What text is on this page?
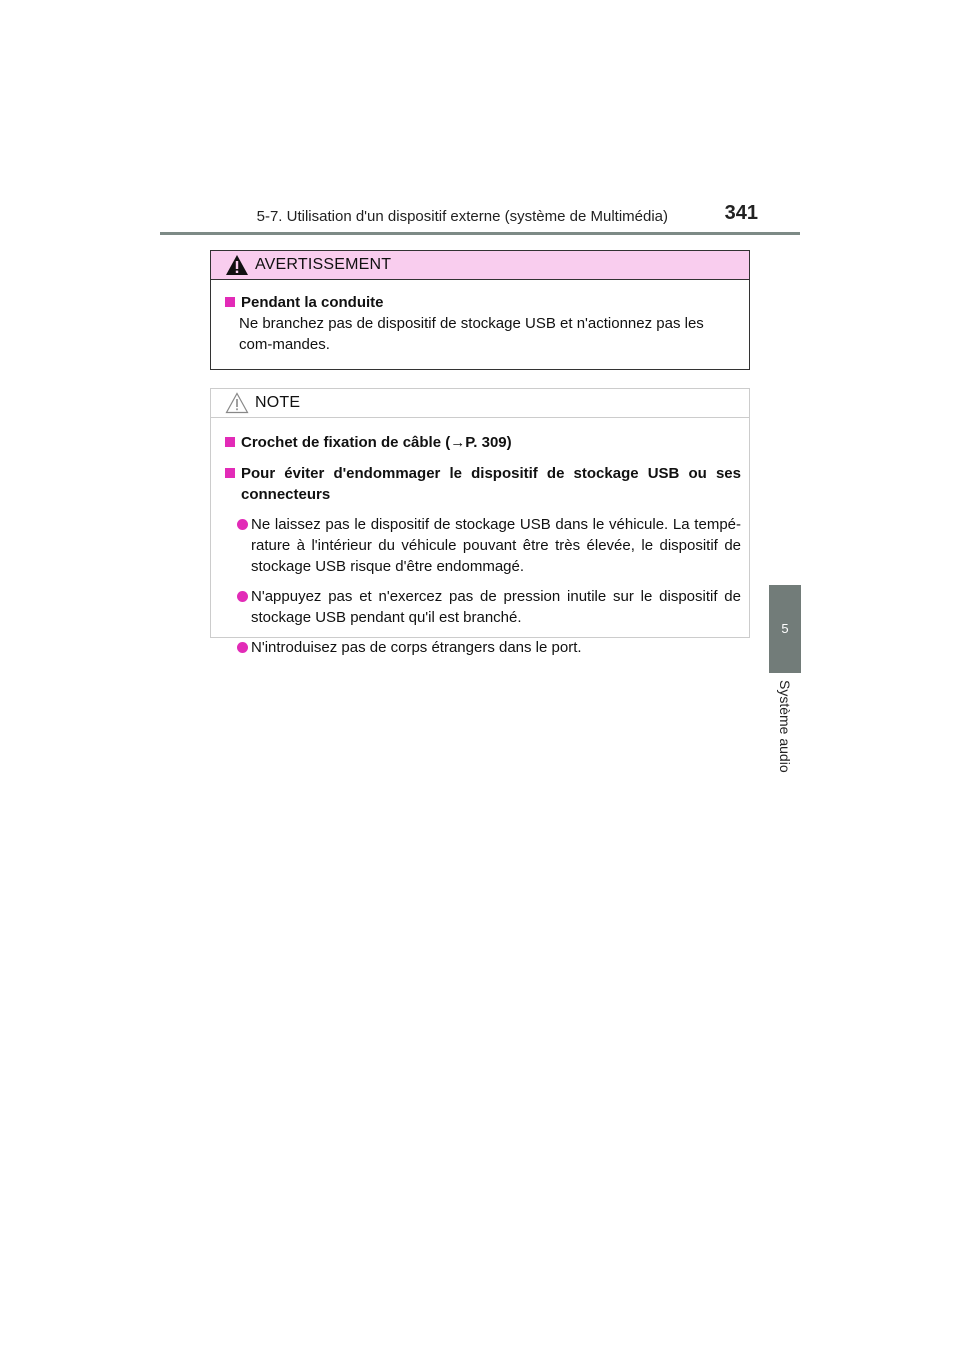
5-7. Utilisation d'un dispositif externe (système de Multimédia)	341
5
Système audio
AVERTISSEMENT
Pendant la conduite
Ne branchez pas de dispositif de stockage USB et n'actionnez pas les com-mandes.
NOTE
Crochet de fixation de câble (→P. 309)
Pour éviter d'endommager le dispositif de stockage USB ou ses connecteurs
Ne laissez pas le dispositif de stockage USB dans le véhicule. La tempé-rature à l'intérieur du véhicule pouvant être très élevée, le dispositif de stockage USB risque d'être endommagé.
N'appuyez pas et n'exercez pas de pression inutile sur le dispositif de stockage USB pendant qu'il est branché.
N'introduisez pas de corps étrangers dans le port.
